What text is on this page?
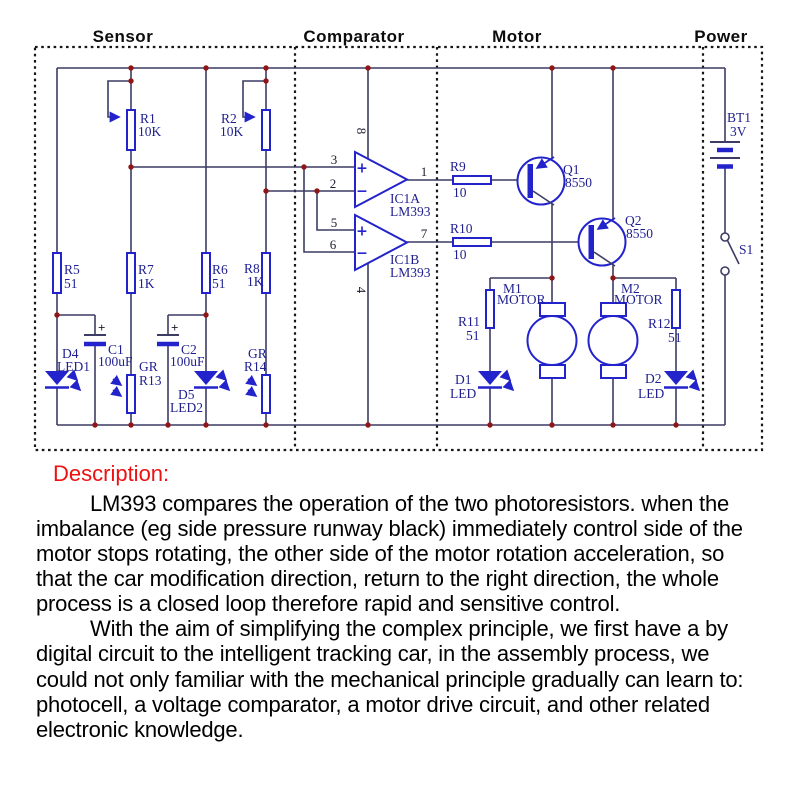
Sensor	Comparator	Motor	Power
R1
10K
R2
10K
R5
51
R7
1K
R6
51
R8
1K
+
C1
100uF
+
C2
100uF
D4
LED1
D5
LED2
GR
R13
GR
R14
+
− IC1A
LM393
3
2
1
8
+
− IC1B
LM393
5
6
7
4
R9
10
R10
10
Q1
8550
Q2
8550
M1
MOTOR
M2
MOTOR
R11
51
R12
51
D1
LED
D2
LED
BT1
3V
S1
Description:

LM393 compares the operation of the two photoresistors. when the imbalance (eg side pressure runway black) immediately control side of the motor stops rotating, the other side of the motor rotation acceleration, so that the car modification direction, return to the right direction, the whole process is a closed loop therefore rapid and sensitive control.

With the aim of simplifying the complex principle, we first have a by digital circuit to the intelligent tracking car, in the assembly process, we could not only familiar with the mechanical principle gradually can learn to: photocell, a voltage comparator, a motor drive circuit, and other related electronic knowledge.
